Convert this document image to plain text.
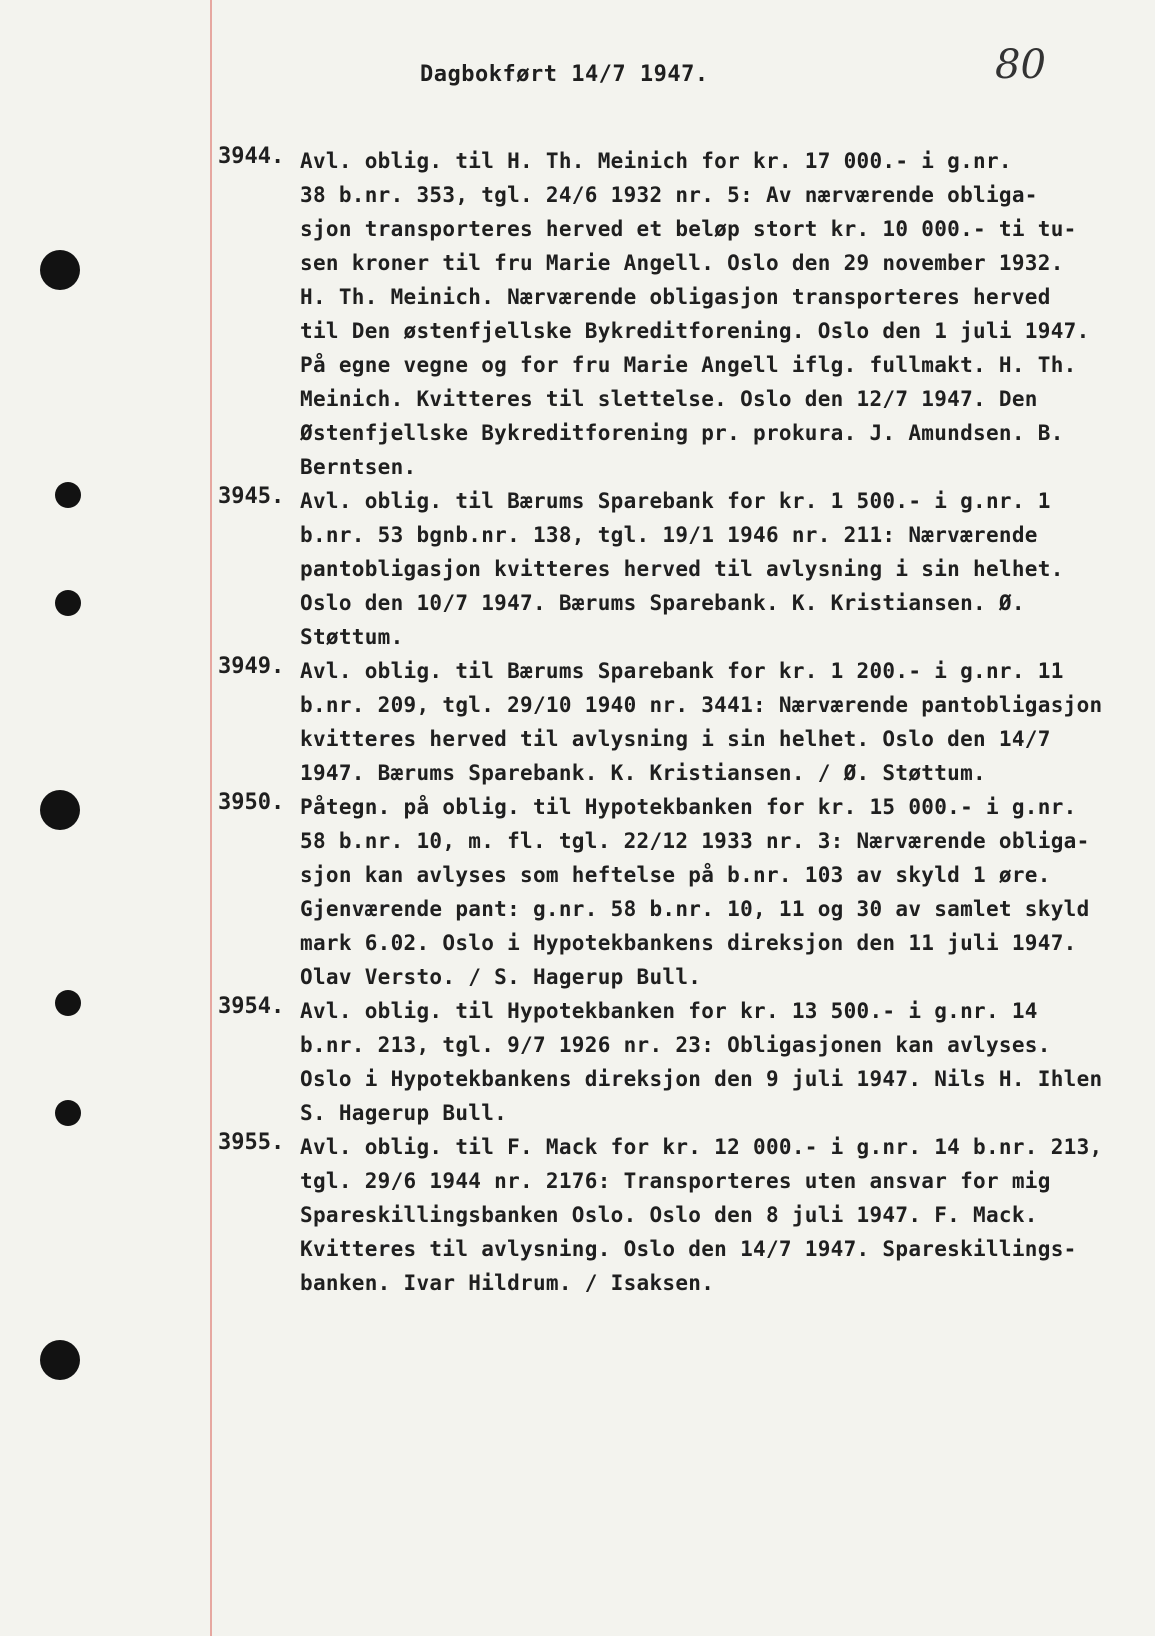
Dagbokført 14/7 1947.	80
3944. Avl. oblig. til H. Th. Meinich for kr. 17 000.- i g.nr.
38 b.nr. 353, tgl. 24/6 1932 nr. 5: Av nærværende obliga-
sjon transporteres herved et beløp stort kr. 10 000.- ti tu-
sen kroner til fru Marie Angell. Oslo den 29 november 1932.
H. Th. Meinich. Nærværende obligasjon transporteres herved
til Den østenfjellske Bykreditforening. Oslo den 1 juli 1947.
På egne vegne og for fru Marie Angell iflg. fullmakt. H. Th.
Meinich. Kvitteres til slettelse. Oslo den 12/7 1947. Den
Østenfjellske Bykreditforening pr. prokura. J. Amundsen. B.
Berntsen.
3945. Avl. oblig. til Bærums Sparebank for kr. 1 500.- i g.nr. 1
b.nr. 53 bgnb.nr. 138, tgl. 19/1 1946 nr. 211: Nærværende
pantobligasjon kvitteres herved til avlysning i sin helhet.
Oslo den 10/7 1947. Bærums Sparebank. K. Kristiansen. Ø.
Støttum.
3949. Avl. oblig. til Bærums Sparebank for kr. 1 200.- i g.nr. 11
b.nr. 209, tgl. 29/10 1940 nr. 3441: Nærværende pantobligasjon
kvitteres herved til avlysning i sin helhet. Oslo den 14/7
1947. Bærums Sparebank. K. Kristiansen. / Ø. Støttum.
3950. Påtegn. på oblig. til Hypotekbanken for kr. 15 000.- i g.nr.
58 b.nr. 10, m. fl. tgl. 22/12 1933 nr. 3: Nærværende obliga-
sjon kan avlyses som heftelse på b.nr. 103 av skyld 1 øre.
Gjenværende pant: g.nr. 58 b.nr. 10, 11 og 30 av samlet skyld
mark 6.02. Oslo i Hypotekbankens direksjon den 11 juli 1947.
Olav Versto. / S. Hagerup Bull.
3954. Avl. oblig. til Hypotekbanken for kr. 13 500.- i g.nr. 14
b.nr. 213, tgl. 9/7 1926 nr. 23: Obligasjonen kan avlyses.
Oslo i Hypotekbankens direksjon den 9 juli 1947. Nils H. Ihlen
S. Hagerup Bull.
3955. Avl. oblig. til F. Mack for kr. 12 000.- i g.nr. 14 b.nr. 213,
tgl. 29/6 1944 nr. 2176: Transporteres uten ansvar for mig
Spareskillingsbanken Oslo. Oslo den 8 juli 1947. F. Mack.
Kvitteres til avlysning. Oslo den 14/7 1947. Spareskillings-
banken. Ivar Hildrum. / Isaksen.
